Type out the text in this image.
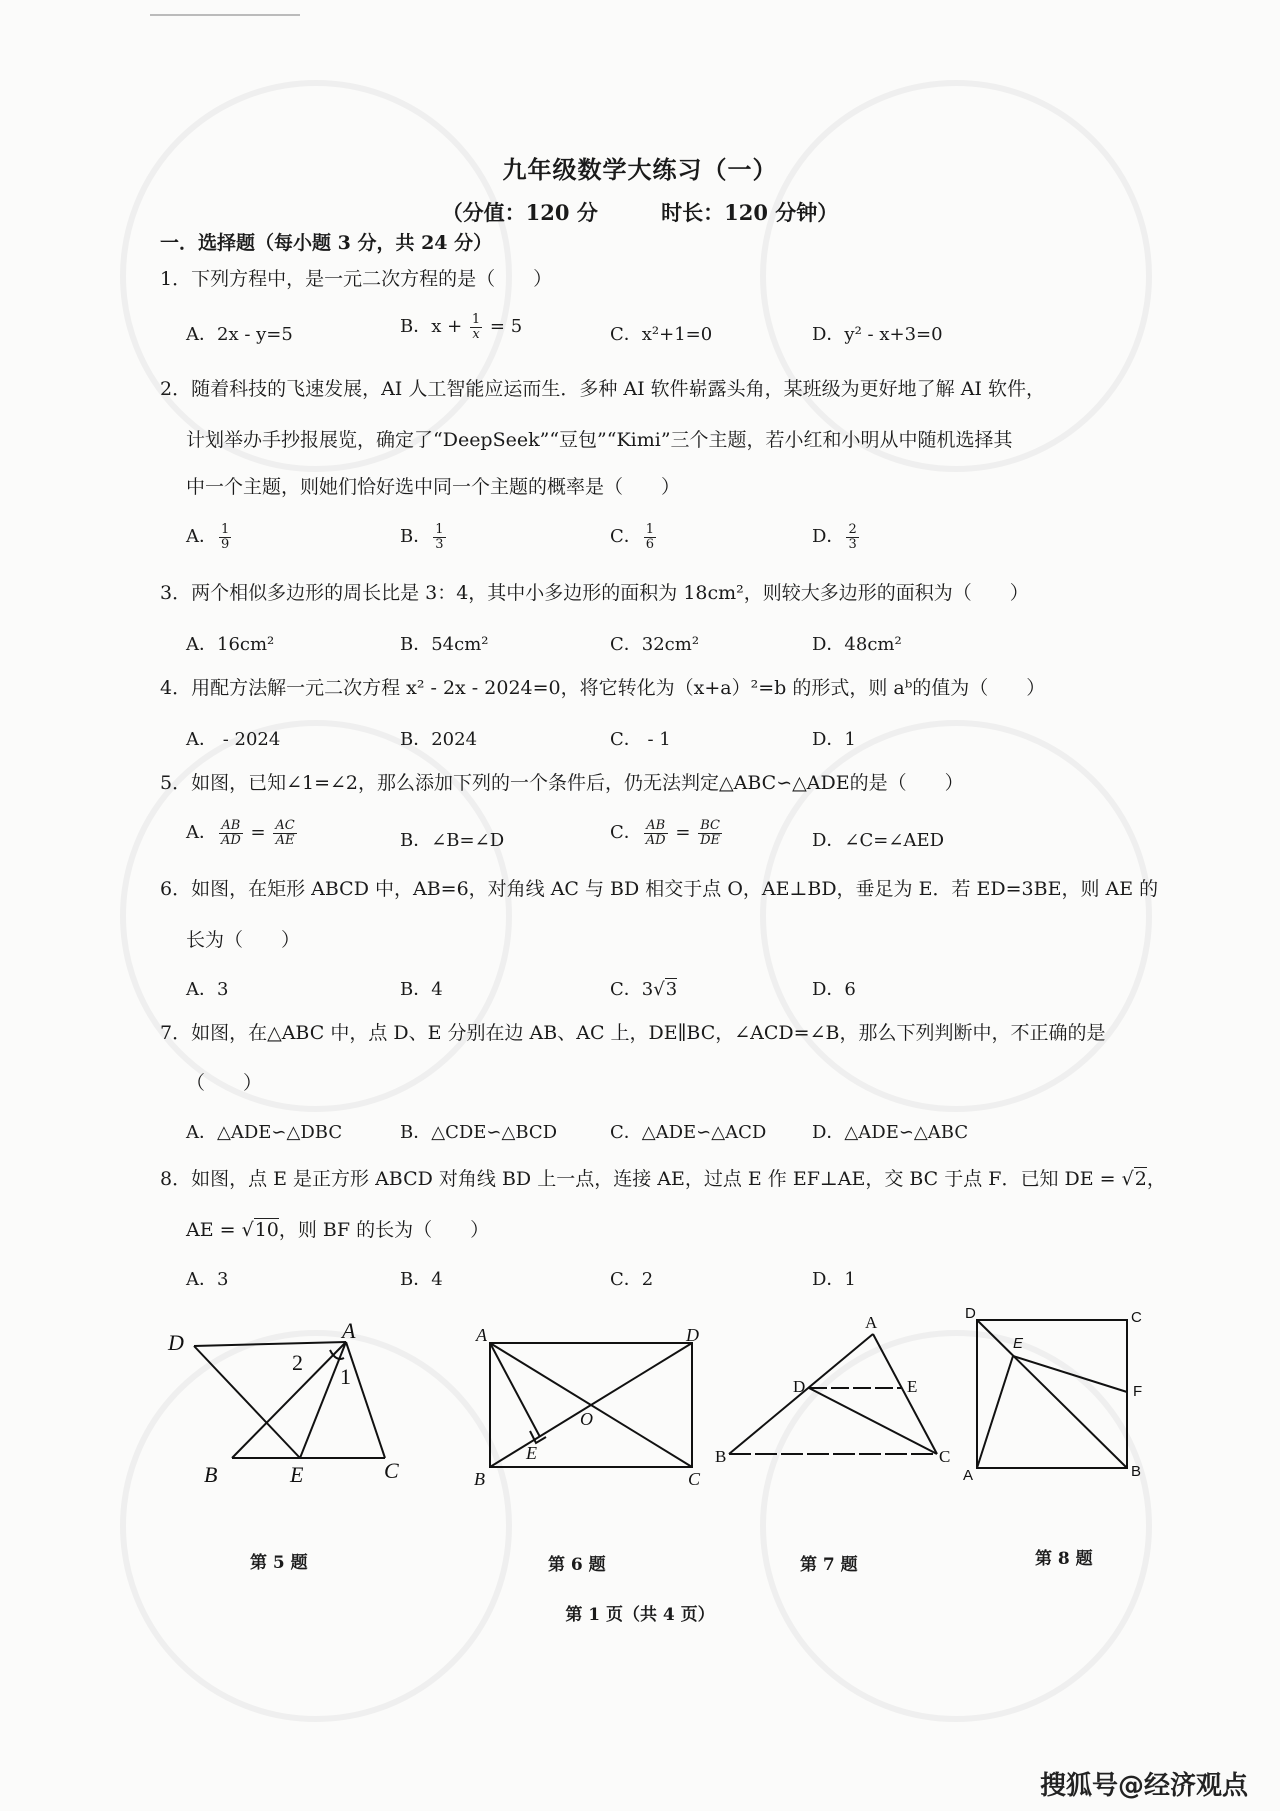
九年级数学大练习（一）
（分值：120 分	时长：120 分钟）
一．选择题（每小题 3 分，共 24 分）
1．下列方程中，是一元二次方程的是（　　）
A．2x - y=5	B．$x + \frac{1}{x} = 5$	C．x²+1=0	D．y² - x+3=0
2．随着科技的飞速发展，AI 人工智能应运而生．多种 AI 软件崭露头角，某班级为更好地了解 AI 软件，
计划举办手抄报展览，确定了“DeepSeek”“豆包”“Kimi”三个主题，若小红和小明从中随机选择其
中一个主题，则她们恰好选中同一个主题的概率是（　　）
A． $\frac{1}{9}$	B． $\frac{1}{3}$	C． $\frac{1}{6}$	D． $\frac{2}{3}$
3．两个相似多边形的周长比是 3：4，其中小多边形的面积为 18cm²，则较大多边形的面积为（　　）
A．16cm²	B．54cm²	C．32cm²	D．48cm²
4．用配方法解一元二次方程 x² - 2x - 2024=0，将它转化为（x+a）²=b 的形式，则 aᵇ的值为（　　）
A． - 2024	B．2024	C． - 1	D．1
5．如图，已知∠1=∠2，那么添加下列的一个条件后，仍无法判定△ABC∽△ADE的是（　　）
A． $\frac{AB}{AD} = \frac{AC}{AE}$	B．∠B=∠D	C． $\frac{AB}{AD} = \frac{BC}{DE}$	D．∠C=∠AED
6．如图，在矩形 ABCD 中，AB=6，对角线 AC 与 BD 相交于点 O，AE⊥BD，垂足为 E．若 ED=3BE，则 AE 的
长为（　　）
A．3	B．4	C．3√3	D．6
7．如图，在△ABC 中，点 D、E 分别在边 AB、AC 上，DE∥BC，∠ACD=∠B，那么下列判断中，不正确的是
（　　）
A．△ADE∽△DBC	B．△CDE∽△BCD	C．△ADE∽△ACD	D．△ADE∽△ABC
8．如图，点 E 是正方形 ABCD 对角线 BD 上一点，连接 AE，过点 E 作 EF⊥AE，交 BC 于点 F．已知 DE = √2，
AE = √10，则 BF 的长为（　　）
A．3	B．4	C．2	D．1
D	A
B	E	C
1
2
第 5 题
A	D
B	C
O
E
第 6 题
A
D	E
B	C
第 7 题
D	C
E
F
A	B
第 8 题
第 1 页（共 4 页）
搜狐号@经济观点
